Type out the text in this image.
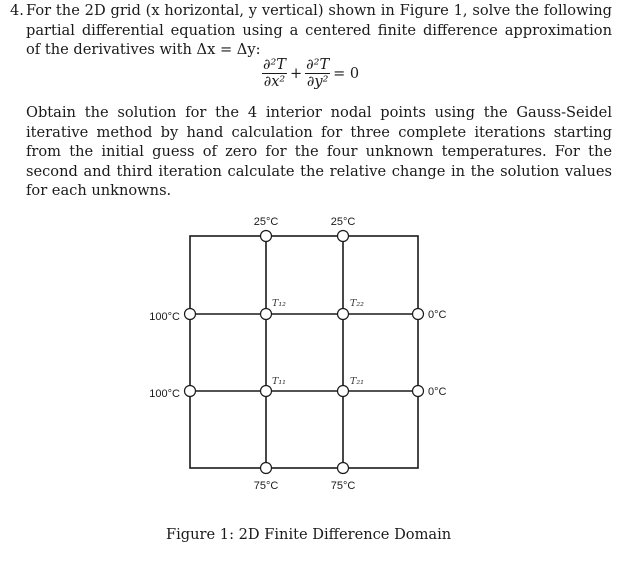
4. For the 2D grid (x horizontal, y vertical) shown in Figure 1, solve the following partial differential equation using a centered finite difference approximation of the derivatives with Δx = Δy:
$\frac{\text{∂²T}}{\text{∂x²}} + \frac{\text{∂²T}}{\text{∂y²}} = 0$
Obtain the solution for the 4 interior nodal points using the Gauss-Seidel iterative method by hand calculation for three complete iterations starting from the initial guess of zero for the four unknown temperatures. For the second and third iteration calculate the relative change in the solution values for each unknowns.
25°C	25°C
100°C
100°C
0°C
0°C
75°C	75°C
T₁₂	T₂₂
T₁₁	T₂₁
Figure 1: 2D Finite Difference Domain
